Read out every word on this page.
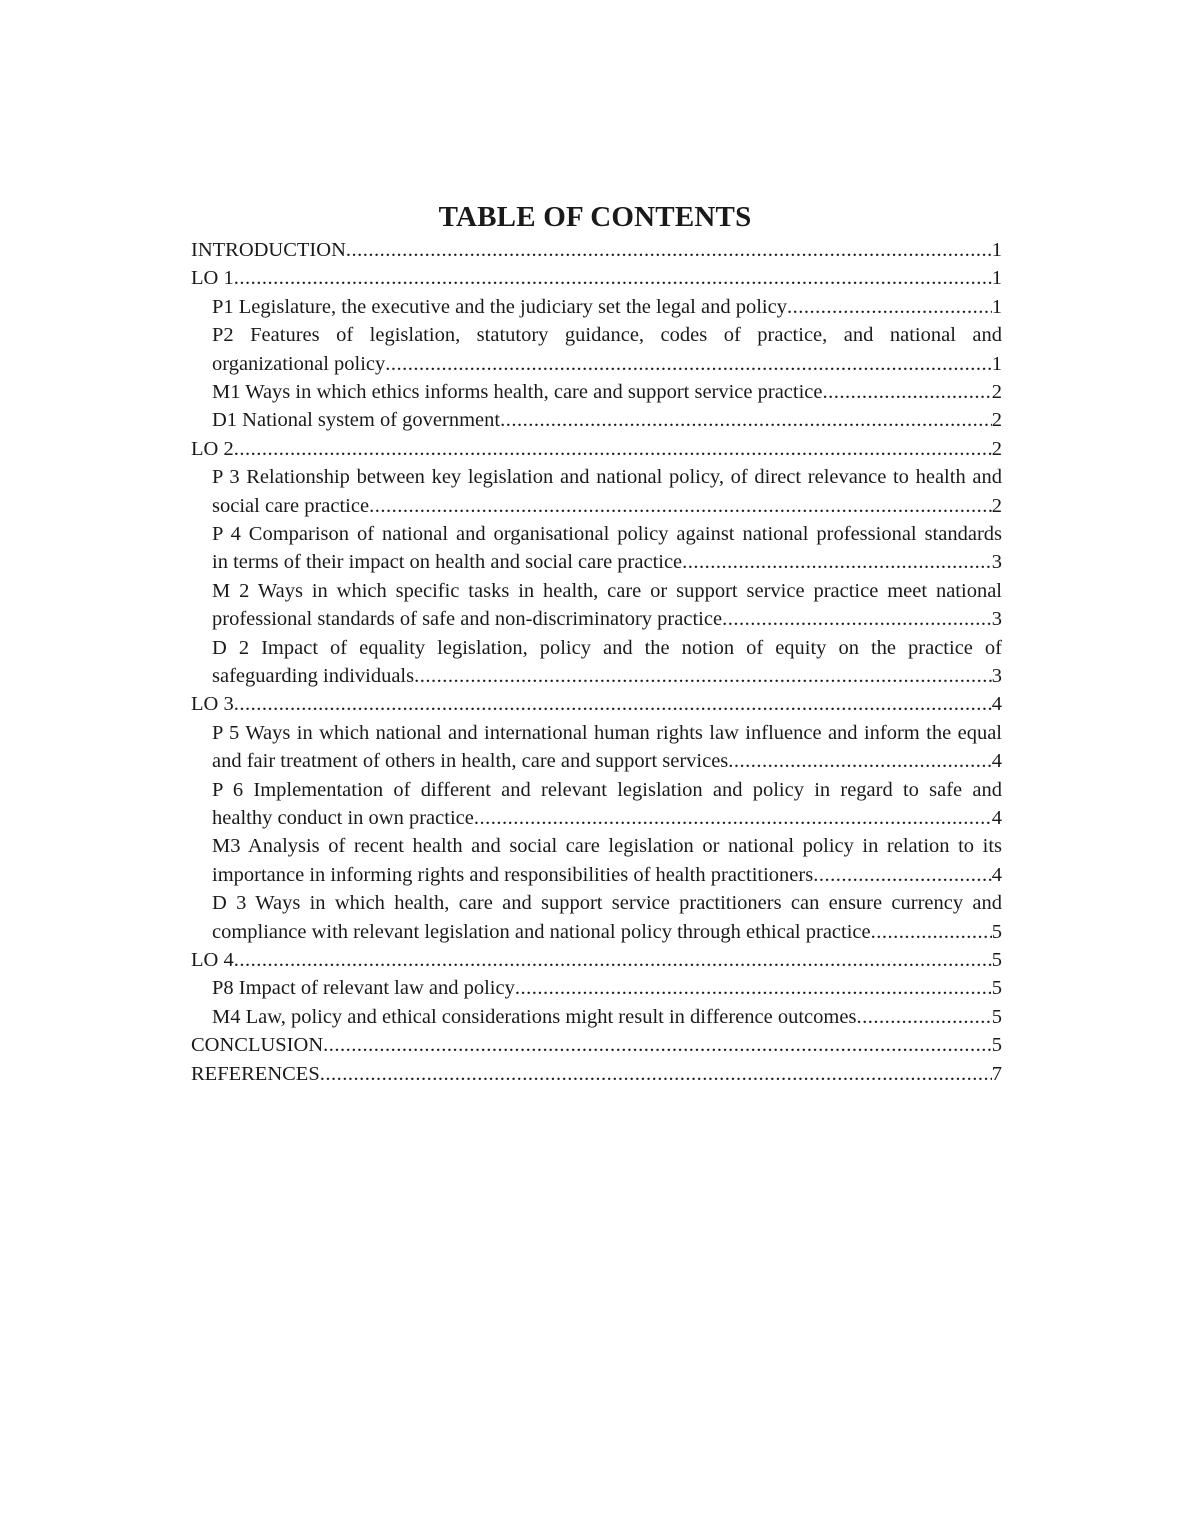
TABLE OF CONTENTS
INTRODUCTION .....	1
LO 1 .....	1
P1 Legislature, the executive and the judiciary set the legal and policy .....	1
P2 Features of legislation, statutory guidance, codes of practice, and national and
organizational policy .....	1
M1 Ways in which ethics informs health, care and support service practice .....	2
D1 National system of government .....	2
LO 2 .....	2
P 3 Relationship between key legislation and national policy, of direct relevance to health and
social care practice .....	2
P 4 Comparison of national and organisational policy against national professional standards
in terms of their impact on health and social care practice .....	3
M 2 Ways in which specific tasks in health, care or support service practice meet national
professional standards of safe and non-discriminatory practice .....	3
D 2 Impact of equality legislation, policy and the notion of equity on the practice of
safeguarding individuals .....	3
LO 3 .....	4
P 5 Ways in which national and international human rights law influence and inform the equal
and fair treatment of others in health, care and support services .....	4
P 6 Implementation of different and relevant legislation and policy in regard to safe and
healthy conduct in own practice .....	4
M3 Analysis of recent health and social care legislation or national policy in relation to its
importance in informing rights and responsibilities of health practitioners .....	4
D 3 Ways in which health, care and support service practitioners can ensure currency and
compliance with relevant legislation and national policy through ethical practice .....	5
LO 4 .....	5
P8 Impact of relevant law and policy .....	5
M4 Law, policy and ethical considerations might result in difference outcomes .....	5
CONCLUSION .....	5
REFERENCES .....	7
